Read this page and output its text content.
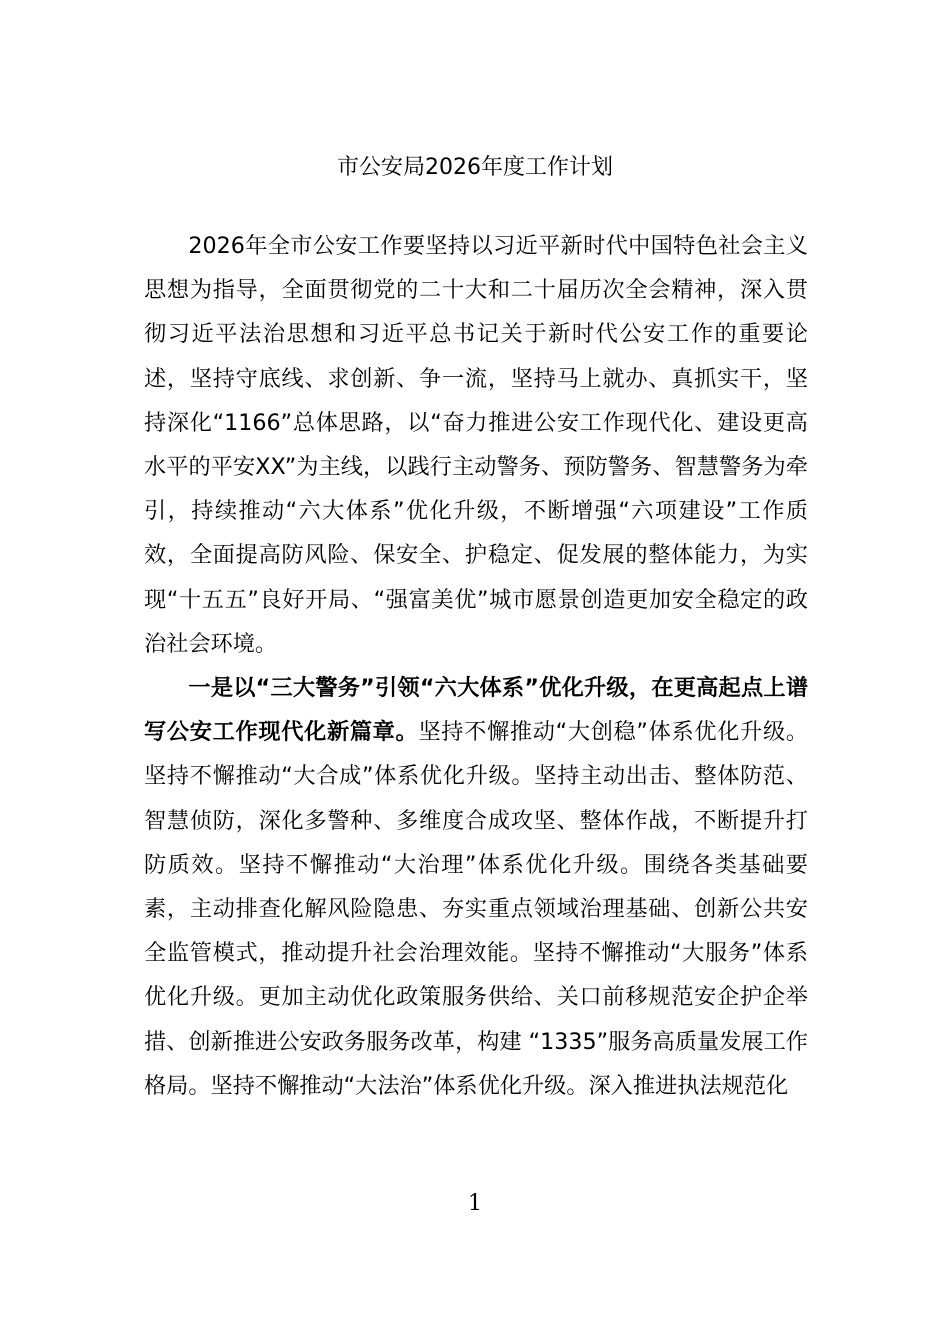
市公安局2026年度工作计划

2026年全市公安工作要坚持以习近平新时代中国特色社会主义思想为指导，全面贯彻党的二十大和二十届历次全会精神，深入贯彻习近平法治思想和习近平总书记关于新时代公安工作的重要论述，坚持守底线、求创新、争一流，坚持马上就办、真抓实干，坚持深化“1166”总体思路，以“奋力推进公安工作现代化、建设更高水平的平安XX”为主线，以践行主动警务、预防警务、智慧警务为牵引，持续推动“六大体系”优化升级，不断增强“六项建设”工作质效，全面提高防风险、保安全、护稳定、促发展的整体能力，为实现“十五五”良好开局、“强富美优”城市愿景创造更加安全稳定的政治社会环境。

一是以“三大警务”引领“六大体系”优化升级，在更高起点上谱写公安工作现代化新篇章。坚持不懈推动“大创稳”体系优化升级。坚持不懈推动“大合成”体系优化升级。坚持主动出击、整体防范、智慧侦防，深化多警种、多维度合成攻坚、整体作战，不断提升打防质效。坚持不懈推动“大治理”体系优化升级。围绕各类基础要素，主动排查化解风险隐患、夯实重点领域治理基础、创新公共安全监管模式，推动提升社会治理效能。坚持不懈推动“大服务”体系优化升级。更加主动优化政策服务供给、关口前移规范安企护企举措、创新推进公安政务服务改革，构建 “1335”服务高质量发展工作格局。坚持不懈推动“大法治”体系优化升级。深入推进执法规范化

1
